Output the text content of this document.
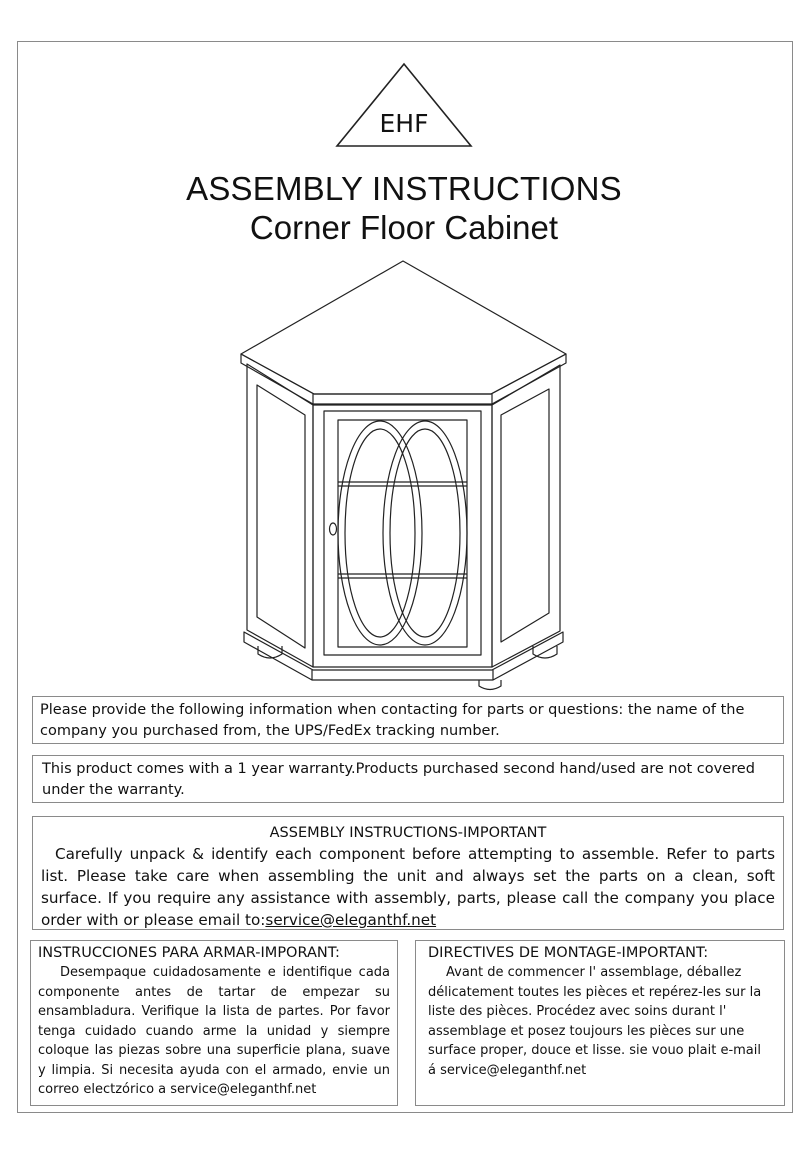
EHF
ASSEMBLY INSTRUCTIONS
Corner Floor Cabinet

Please provide the following information when contacting for parts or questions: the name of the company you purchased from, the UPS/FedEx tracking number.

This product comes with a 1 year warranty.Products purchased second hand/used are not covered under the warranty.

ASSEMBLY INSTRUCTIONS-IMPORTANT

Carefully unpack & identify each component before attempting to assemble. Refer to parts list. Please take care when assembling the unit and always set the parts on a clean, soft surface. If you require any assistance with assembly, parts, please call the company you place order with or please email to:service@eleganthf.net

INSTRUCCIONES PARA ARMAR-IMPORANT:

Desempaque cuidadosamente e identifique cada componente antes de tartar de empezar su ensambladura. Verifique la lista de partes. Por favor tenga cuidado cuando arme la unidad y siempre coloque las piezas sobre una superficie plana, suave y limpia. Si necesita ayuda con el armado, envie un correo electzórico a service@eleganthf.net

DIRECTIVES DE MONTAGE-IMPORTANT:

Avant de commencer l' assemblage, déballez délicatement toutes les pièces et repérez-les sur la liste des pièces. Procédez avec soins durant l' assemblage et posez toujours les pièces sur une surface proper, douce et lisse. sie vouo plait e-mail á service@eleganthf.net
